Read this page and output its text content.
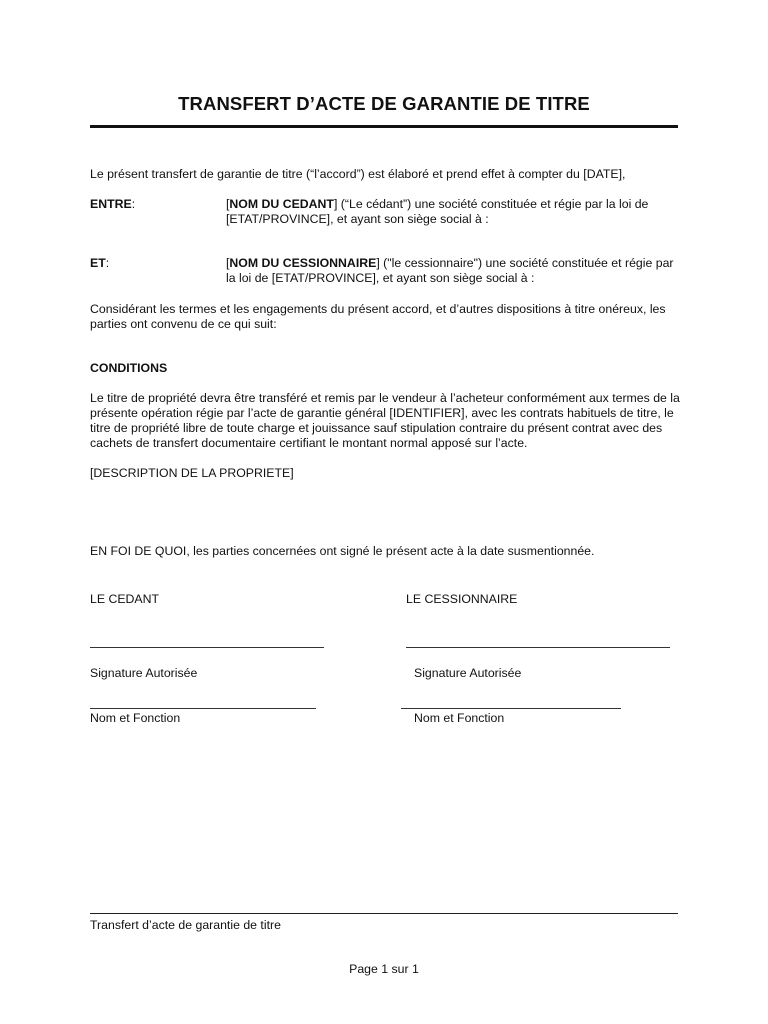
TRANSFERT D’ACTE DE GARANTIE DE TITRE
Le présent transfert de garantie de titre (“l’accord”) est élaboré et prend effet à compter du [DATE],
ENTRE:	[NOM DU CEDANT] (“Le cédant”) une société constituée et régie par la loi de [ETAT/PROVINCE], et ayant son siège social à :
ET:	[NOM DU CESSIONNAIRE] ("le cessionnaire") une société constituée et régie par la loi de [ETAT/PROVINCE], et ayant son siège social à :
Considérant les termes et les engagements du présent accord, et d’autres dispositions à titre onéreux, les parties ont convenu de ce qui suit:
CONDITIONS
Le titre de propriété devra être transféré et remis par le vendeur à l’acheteur conformément aux termes de la présente opération régie par l’acte de garantie général [IDENTIFIER], avec les contrats habituels de titre, le titre de propriété libre de toute charge et jouissance sauf stipulation contraire du présent contrat avec des cachets de transfert documentaire certifiant le montant normal apposé sur l’acte.
[DESCRIPTION DE LA PROPRIETE]
EN FOI DE QUOI, les parties concernées ont signé le présent acte à la date susmentionnée.
LE CEDANT	LE CESSIONNAIRE
Signature Autorisée	Signature Autorisée
Nom et Fonction	Nom et Fonction
Transfert d’acte de garantie de titre
Page 1 sur 1
